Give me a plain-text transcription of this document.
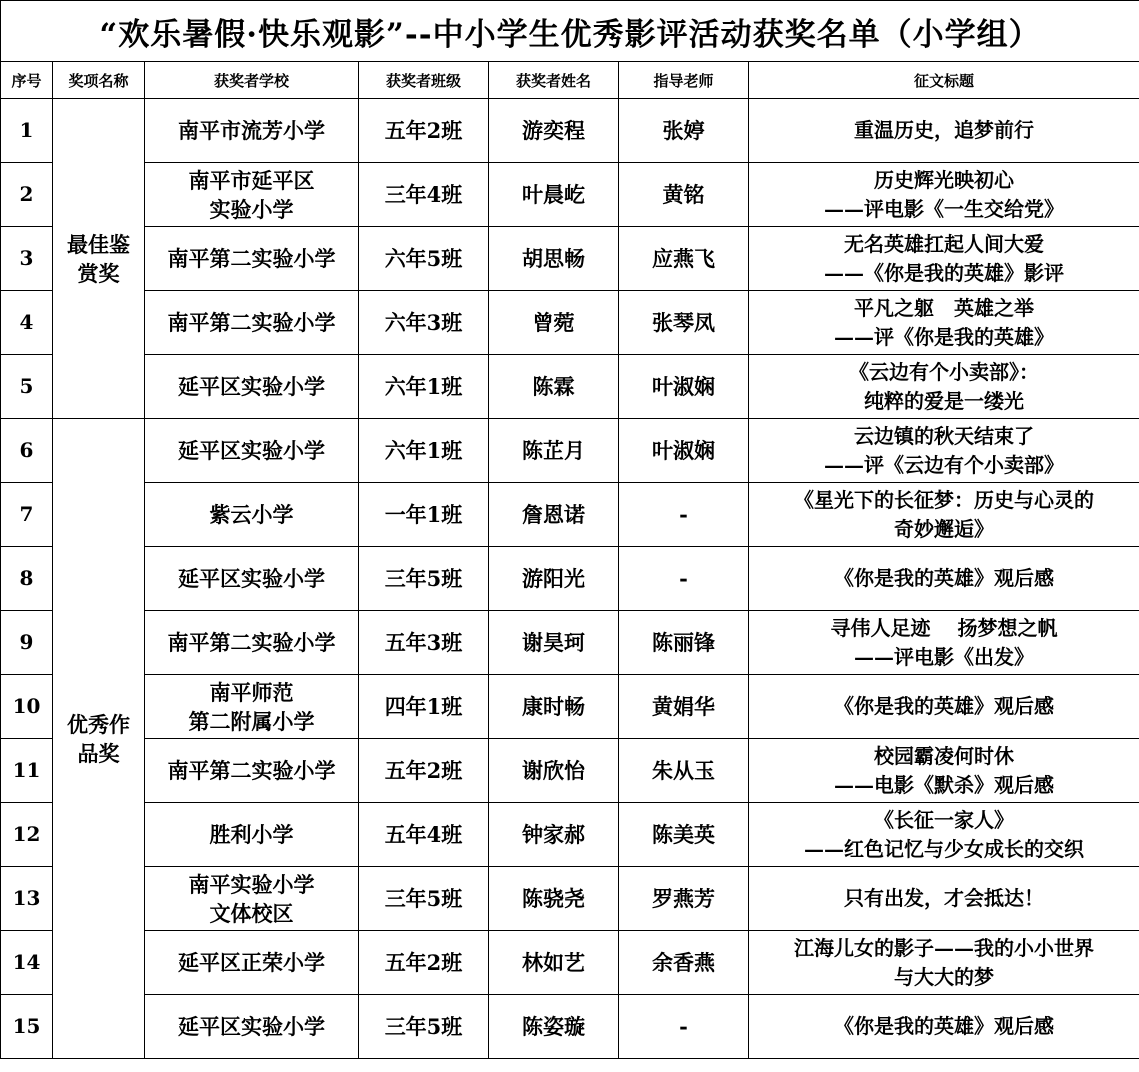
“欢乐暑假·快乐观影”--中小学生优秀影评活动获奖名单（小学组）						
序号	奖项名称	获奖者学校	获奖者班级	获奖者姓名	指导老师	征文标题
1	最佳鉴
赏奖	南平市流芳小学	五年2班	游奕程	张婷	重温历史，追梦前行

2		南平市延平区
实验小学	三年4班	叶晨屹	黄铭	历史辉光映初心
——评电影《一生交给党》

3		南平第二实验小学	六年5班	胡思畅	应燕飞	无名英雄扛起人间大爱
——《你是我的英雄》影评

4		南平第二实验小学	六年3班	曾菀	张琴凤	平凡之躯　英雄之举
——评《你是我的英雄》

5		延平区实验小学	六年1班	陈霖	叶淑娴	《云边有个小卖部》：
纯粹的爱是一缕光

6	优秀作
品奖	延平区实验小学	六年1班	陈芷月	叶淑娴	云边镇的秋天结束了
——评《云边有个小卖部》

7		紫云小学	一年1班	詹恩诺	-	《星光下的长征梦：历史与心灵的
奇妙邂逅》

8		延平区实验小学	三年5班	游阳光	-	《你是我的英雄》观后感

9		南平第二实验小学	五年3班	谢昊珂	陈丽锋	寻伟人足迹　 扬梦想之帆
——评电影《出发》

10		南平师范
第二附属小学	四年1班	康时畅	黄娟华	《你是我的英雄》观后感

11		南平第二实验小学	五年2班	谢欣怡	朱从玉	校园霸凌何时休
——电影《默杀》观后感

12		胜利小学	五年4班	钟家郝	陈美英	《长征一家人》
——红色记忆与少女成长的交织

13		南平实验小学
文体校区	三年5班	陈骁尧	罗燕芳	只有出发，才会抵达！

14		延平区正荣小学	五年2班	林如艺	余香燕	江海儿女的影子——我的小小世界
与大大的梦

15		延平区实验小学	三年5班	陈姿璇	-	《你是我的英雄》观后感
